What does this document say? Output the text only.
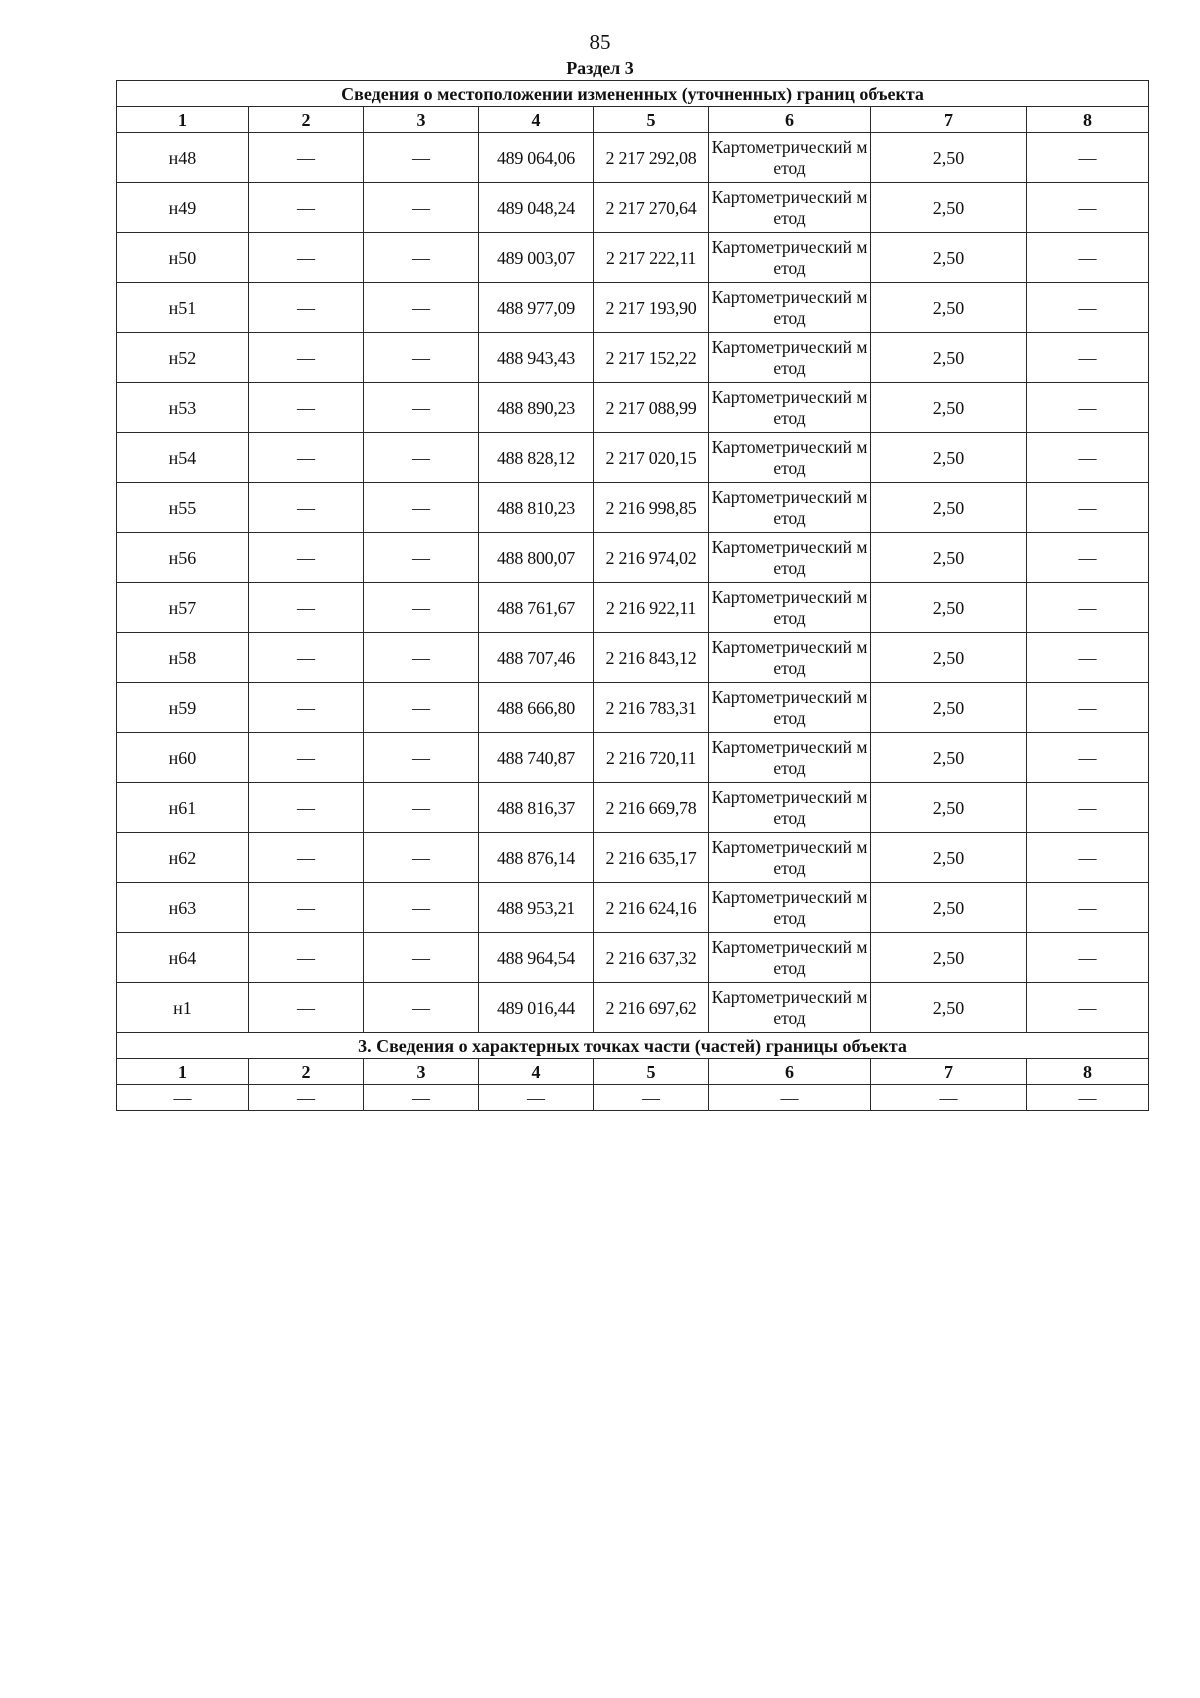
85
Раздел 3
Сведения о местоположении измененных (уточненных) границ объекта							
1	2	3	4	5	6	7	8
н48	—	—	489 064,06	2 217 292,08	Картометрический метод	2,50	—
н49	—	—	489 048,24	2 217 270,64	Картометрический метод	2,50	—
н50	—	—	489 003,07	2 217 222,11	Картометрический метод	2,50	—
н51	—	—	488 977,09	2 217 193,90	Картометрический метод	2,50	—
н52	—	—	488 943,43	2 217 152,22	Картометрический метод	2,50	—
н53	—	—	488 890,23	2 217 088,99	Картометрический метод	2,50	—
н54	—	—	488 828,12	2 217 020,15	Картометрический метод	2,50	—
н55	—	—	488 810,23	2 216 998,85	Картометрический метод	2,50	—
н56	—	—	488 800,07	2 216 974,02	Картометрический метод	2,50	—
н57	—	—	488 761,67	2 216 922,11	Картометрический метод	2,50	—
н58	—	—	488 707,46	2 216 843,12	Картометрический метод	2,50	—
н59	—	—	488 666,80	2 216 783,31	Картометрический метод	2,50	—
н60	—	—	488 740,87	2 216 720,11	Картометрический метод	2,50	—
н61	—	—	488 816,37	2 216 669,78	Картометрический метод	2,50	—
н62	—	—	488 876,14	2 216 635,17	Картометрический метод	2,50	—
н63	—	—	488 953,21	2 216 624,16	Картометрический метод	2,50	—
н64	—	—	488 964,54	2 216 637,32	Картометрический метод	2,50	—
н1	—	—	489 016,44	2 216 697,62	Картометрический метод	2,50	—
3. Сведения о характерных точках части (частей) границы объекта							
1	2	3	4	5	6	7	8
—	—	—	—	—	—	—	—
